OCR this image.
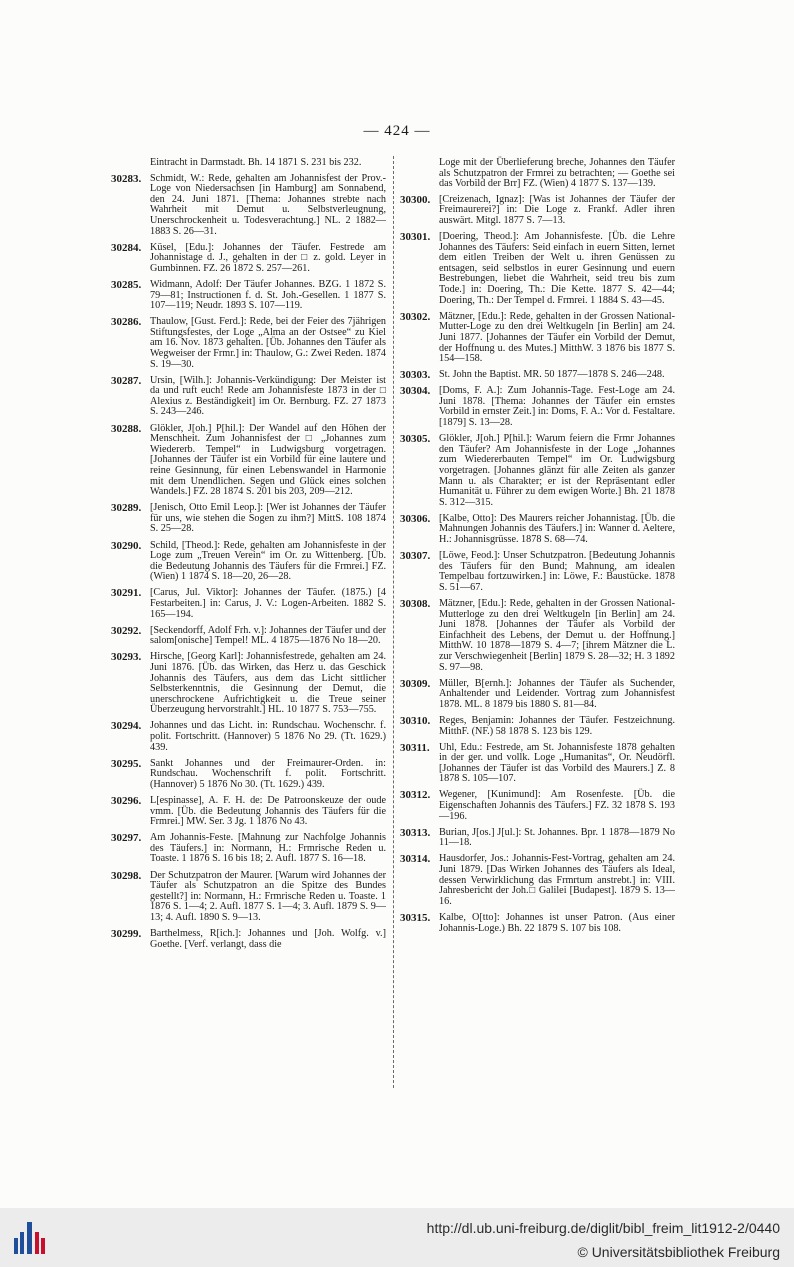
— 424 —
Eintracht in Darmstadt. Bh. 14 1871 S. 231 bis 232.
30283. Schmidt, W.: Rede, gehalten am Johannisfest der Prov.-Loge von Niedersachsen [in Hamburg] am Sonnabend, den 24. Juni 1871. [Thema: Johannes strebte nach Wahrheit mit Demut u. Selbstverleugnung, Unerschrockenheit u. Todesverachtung.] NL. 2 1882—1883 S. 26—31.
30284. Küsel, [Edu.]: Johannes der Täufer. Festrede am Johannistage d. J., gehalten in der □ z. gold. Leyer in Gumbinnen. FZ. 26 1872 S. 257—261.
30285. Widmann, Adolf: Der Täufer Johannes. BZG. 1 1872 S. 79—81; Instructionen f. d. St. Joh.-Gesellen. 1 1877 S. 107—119; Neudr. 1893 S. 107—119.
30286. Thaulow, [Gust. Ferd.]: Rede, bei der Feier des 7jährigen Stiftungsfestes, der Loge „Alma an der Ostsee“ zu Kiel am 16. Nov. 1873 gehalten. [Üb. Johannes den Täufer als Wegweiser der Frmr.] in: Thaulow, G.: Zwei Reden. 1874 S. 19—30.
30287. Ursin, [Wilh.]: Johannis-Verkündigung: Der Meister ist da und ruft euch! Rede am Johannisfeste 1873 in der □ Alexius z. Beständigkeit] im Or. Bernburg. FZ. 27 1873 S. 243—246.
30288. Glökler, J[oh.] P[hil.]: Der Wandel auf den Höhen der Menschheit. Zum Johannisfest der □ „Johannes zum Wiedererb. Tempel“ in Ludwigsburg vorgetragen. [Johannes der Täufer ist ein Vorbild für eine lautere und reine Gesinnung, für einen Lebenswandel in Harmonie mit dem Unendlichen. Segen und Glück eines solchen Wandels.] FZ. 28 1874 S. 201 bis 203, 209—212.
30289. [Jenisch, Otto Emil Leop.]: [Wer ist Johannes der Täufer für uns, wie stehen die Sogen zu ihm?] MittS. 108 1874 S. 25—28.
30290. Schild, [Theod.]: Rede, gehalten am Johannisfeste in der Loge zum „Treuen Verein“ im Or. zu Wittenberg. [Üb. die Bedeutung Johannis des Täufers für die Frmrei.] FZ. (Wien) 1 1874 S. 18—20, 26—28.
30291. [Carus, Jul. Viktor]: Johannes der Täufer. (1875.) [4 Festarbeiten.] in: Carus, J. V.: Logen-Arbeiten. 1882 S. 165—194.
30292. [Seckendorff, Adolf Frh. v.]: Johannes der Täufer und der salom[onische] Tempel! ML. 4 1875—1876 No 18—20.
30293. Hirsche, [Georg Karl]: Johannisfestrede, gehalten am 24. Juni 1876. [Üb. das Wirken, das Herz u. das Geschick Johannis des Täufers, aus dem das Licht sittlicher Selbsterkenntnis, die Gesinnung der Demut, die unerschrockene Aufrichtigkeit u. die Treue seiner Überzeugung hervorstrahlt.] HL. 10 1877 S. 753—755.
30294. Johannes und das Licht. in: Rundschau. Wochenschr. f. polit. Fortschritt. (Hannover) 5 1876 No 29. (Tt. 1629.) 439.
30295. Sankt Johannes und der Freimaurer-Orden. in: Rundschau. Wochenschrift f. polit. Fortschritt. (Hannover) 5 1876 No 30. (Tt. 1629.) 439.
30296. L[espinasse], A. F. H. de: De Patroonskeuze der oude vmm. [Üb. die Bedeutung Johannis des Täufers für die Frmrei.] MW. Ser. 3 Jg. 1 1876 No 43.
30297. Am Johannis-Feste. [Mahnung zur Nachfolge Johannis des Täufers.] in: Normann, H.: Frmrische Reden u. Toaste. 1 1876 S. 16 bis 18; 2. Aufl. 1877 S. 16—18.
30298. Der Schutzpatron der Maurer. [Warum wird Johannes der Täufer als Schutzpatron an die Spitze des Bundes gestellt?] in: Normann, H.: Frmrische Reden u. Toaste. 1 1876 S. 1—4; 2. Aufl. 1877 S. 1—4; 3. Aufl. 1879 S. 9—13; 4. Aufl. 1890 S. 9—13.
30299. Barthelmess, R[ich.]: Johannes und [Joh. Wolfg. v.] Goethe. [Verf. verlangt, dass die
Loge mit der Überlieferung breche, Johannes den Täufer als Schutzpatron der Frmrei zu betrachten; — Goethe sei das Vorbild der Brr] FZ. (Wien) 4 1877 S. 137—139.
30300. [Creizenach, Ignaz]: [Was ist Johannes der Täufer der Freimaurerei?] in: Die Loge z. Frankf. Adler ihren auswärt. Mitgl. 1877 S. 7—13.
30301. [Doering, Theod.]: Am Johannisfeste. [Üb. die Lehre Johannes des Täufers: Seid einfach in euern Sitten, lernet dem eitlen Treiben der Welt u. ihren Genüssen zu entsagen, seid selbstlos in eurer Gesinnung und euern Bestrebungen, liebet die Wahrheit, seid treu bis zum Tode.] in: Doering, Th.: Die Kette. 1877 S. 42—44; Doering, Th.: Der Tempel d. Frmrei. 1 1884 S. 43—45.
30302. Mätzner, [Edu.]: Rede, gehalten in der Grossen National-Mutter-Loge zu den drei Weltkugeln [in Berlin] am 24. Juni 1877. [Johannes der Täufer ein Vorbild der Demut, der Hoffnung u. des Mutes.] MitthW. 3 1876 bis 1877 S. 154—158.
30303. St. John the Baptist. MR. 50 1877—1878 S. 246—248.
30304. [Doms, F. A.]: Zum Johannis-Tage. Fest-Loge am 24. Juni 1878. [Thema: Johannes der Täufer ein ernstes Vorbild in ernster Zeit.] in: Doms, F. A.: Vor d. Festaltare. [1879] S. 13—28.
30305. Glökler, J[oh.] P[hil.]: Warum feiern die Frmr Johannes den Täufer? Am Johannisfeste in der Loge „Johannes zum Wiedererbauten Tempel“ im Or. Ludwigsburg vorgetragen. [Johannes glänzt für alle Zeiten als ganzer Mann u. als Charakter; er ist der Repräsentant edler Humanität u. Führer zu dem ewigen Worte.] Bh. 21 1878 S. 312—315.
30306. [Kalbe, Otto]: Des Maurers reicher Johannistag. [Üb. die Mahnungen Johannis des Täufers.] in: Wanner d. Aeltere, H.: Johannisgrüsse. 1878 S. 68—74.
30307. [Löwe, Feod.]: Unser Schutzpatron. [Bedeutung Johannis des Täufers für den Bund; Mahnung, am idealen Tempelbau fortzuwirken.] in: Löwe, F.: Baustücke. 1878 S. 51—67.
30308. Mätzner, [Edu.]: Rede, gehalten in der Grossen National-Mutterloge zu den drei Weltkugeln [in Berlin] am 24. Juni 1878. [Johannes der Täufer als Vorbild der Einfachheit des Lebens, der Demut u. der Hoffnung.] MitthW. 10 1878—1879 S. 4—7; [ihrem Mätzner die L. zur Verschwiegenheit [Berlin] 1879 S. 28—32; H. 3 1892 S. 97—98.
30309. Müller, B[ernh.]: Johannes der Täufer als Suchender, Anhaltender und Leidender. Vortrag zum Johannisfest 1878. ML. 8 1879 bis 1880 S. 81—84.
30310. Reges, Benjamin: Johannes der Täufer. Festzeichnung. MitthF. (NF.) 58 1878 S. 123 bis 129.
30311. Uhl, Edu.: Festrede, am St. Johannisfeste 1878 gehalten in der ger. und vollk. Loge „Humanitas“, Or. Neudörfl. [Johannes der Täufer ist das Vorbild des Maurers.] Z. 8 1878 S. 105—107.
30312. Wegener, [Kunimund]: Am Rosenfeste. [Üb. die Eigenschaften Johannis des Täufers.] FZ. 32 1878 S. 193—196.
30313. Burian, J[os.] J[ul.]: St. Johannes. Bpr. 1 1878—1879 No 11—18.
30314. Hausdorfer, Jos.: Johannis-Fest-Vortrag, gehalten am 24. Juni 1879. [Das Wirken Johannes des Täufers als Ideal, dessen Verwirklichung das Frmrtum anstrebt.] in: VIII. Jahresbericht der Joh.□ Galilei [Budapest]. 1879 S. 13—16.
30315. Kalbe, O[tto]: Johannes ist unser Patron. (Aus einer Johannis-Loge.) Bh. 22 1879 S. 107 bis 108.
http://dl.ub.uni-freiburg.de/diglit/bibl_freim_lit1912-2/0440
© Universitätsbibliothek Freiburg
